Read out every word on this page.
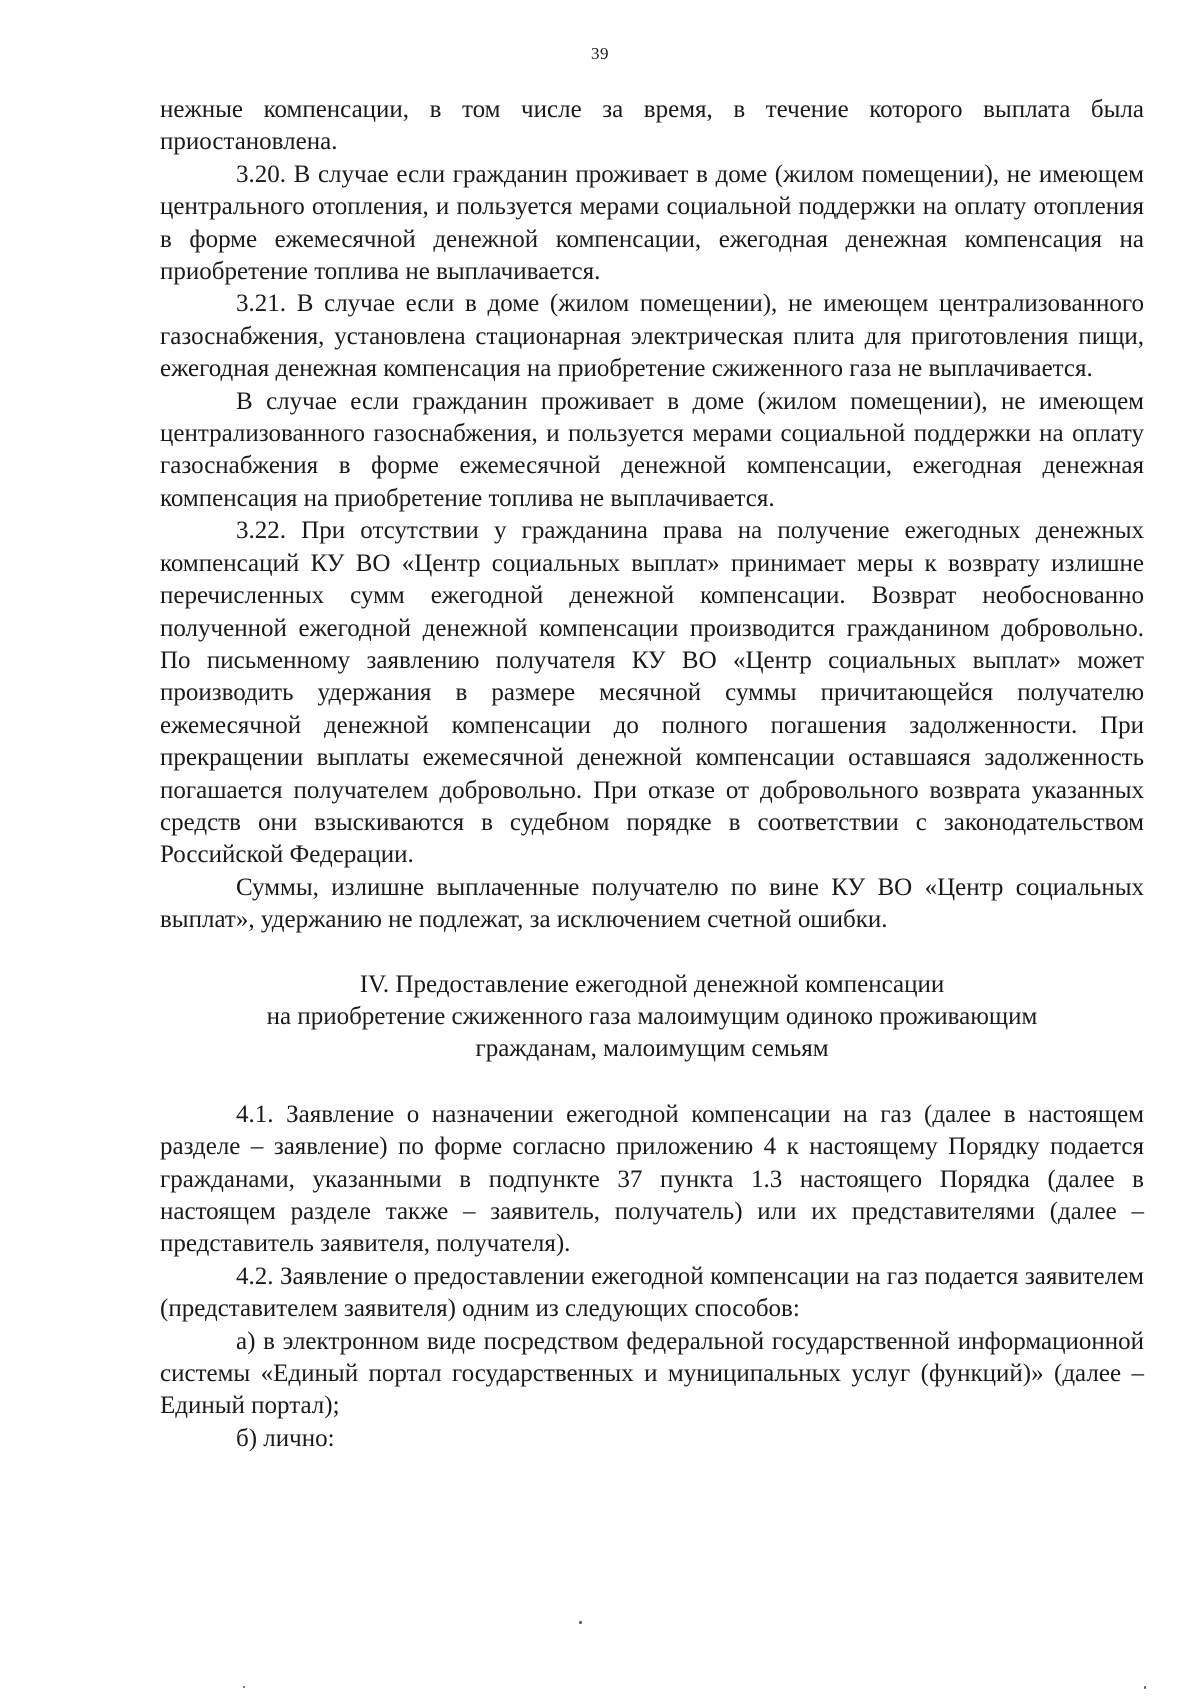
39

нежные компенсации, в том числе за время, в течение которого выплата была приостановлена.

3.20. В случае если гражданин проживает в доме (жилом помещении), не имеющем центрального отопления, и пользуется мерами социальной поддержки на оплату отопления в форме ежемесячной денежной компенсации, ежегодная денежная компенсация на приобретение топлива не выплачивается.

3.21. В случае если в доме (жилом помещении), не имеющем централизованного газоснабжения, установлена стационарная электрическая плита для приготовления пищи, ежегодная денежная компенсация на приобретение сжиженного газа не выплачивается.

В случае если гражданин проживает в доме (жилом помещении), не имеющем централизованного газоснабжения, и пользуется мерами социальной поддержки на оплату газоснабжения в форме ежемесячной денежной компенсации, ежегодная денежная компенсация на приобретение топлива не выплачивается.

3.22. При отсутствии у гражданина права на получение ежегодных денежных компенсаций КУ ВО «Центр социальных выплат» принимает меры к возврату излишне перечисленных сумм ежегодной денежной компенсации. Возврат необоснованно полученной ежегодной денежной компенсации производится гражданином добровольно. По письменному заявлению получателя КУ ВО «Центр социальных выплат» может производить удержания в размере месячной суммы причитающейся получателю ежемесячной денежной компенсации до полного погашения задолженности. При прекращении выплаты ежемесячной денежной компенсации оставшаяся задолженность погашается получателем добровольно. При отказе от добровольного возврата указанных средств они взыскиваются в судебном порядке в соответствии с законодательством Российской Федерации.

Суммы, излишне выплаченные получателю по вине КУ ВО «Центр социальных выплат», удержанию не подлежат, за исключением счетной ошибки.

IV. Предоставление ежегодной денежной компенсации
на приобретение сжиженного газа малоимущим одиноко проживающим
гражданам, малоимущим семьям

4.1. Заявление о назначении ежегодной компенсации на газ (далее в настоящем разделе – заявление) по форме согласно приложению 4 к настоящему Порядку подается гражданами, указанными в подпункте 37 пункта 1.3 настоящего Порядка (далее в настоящем разделе также – заявитель, получатель) или их представителями (далее – представитель заявителя, получателя).

4.2. Заявление о предоставлении ежегодной компенсации на газ подается заявителем (представителем заявителя) одним из следующих способов:

а) в электронном виде посредством федеральной государственной информационной системы «Единый портал государственных и муниципальных услуг (функций)» (далее – Единый портал);

б) лично:
